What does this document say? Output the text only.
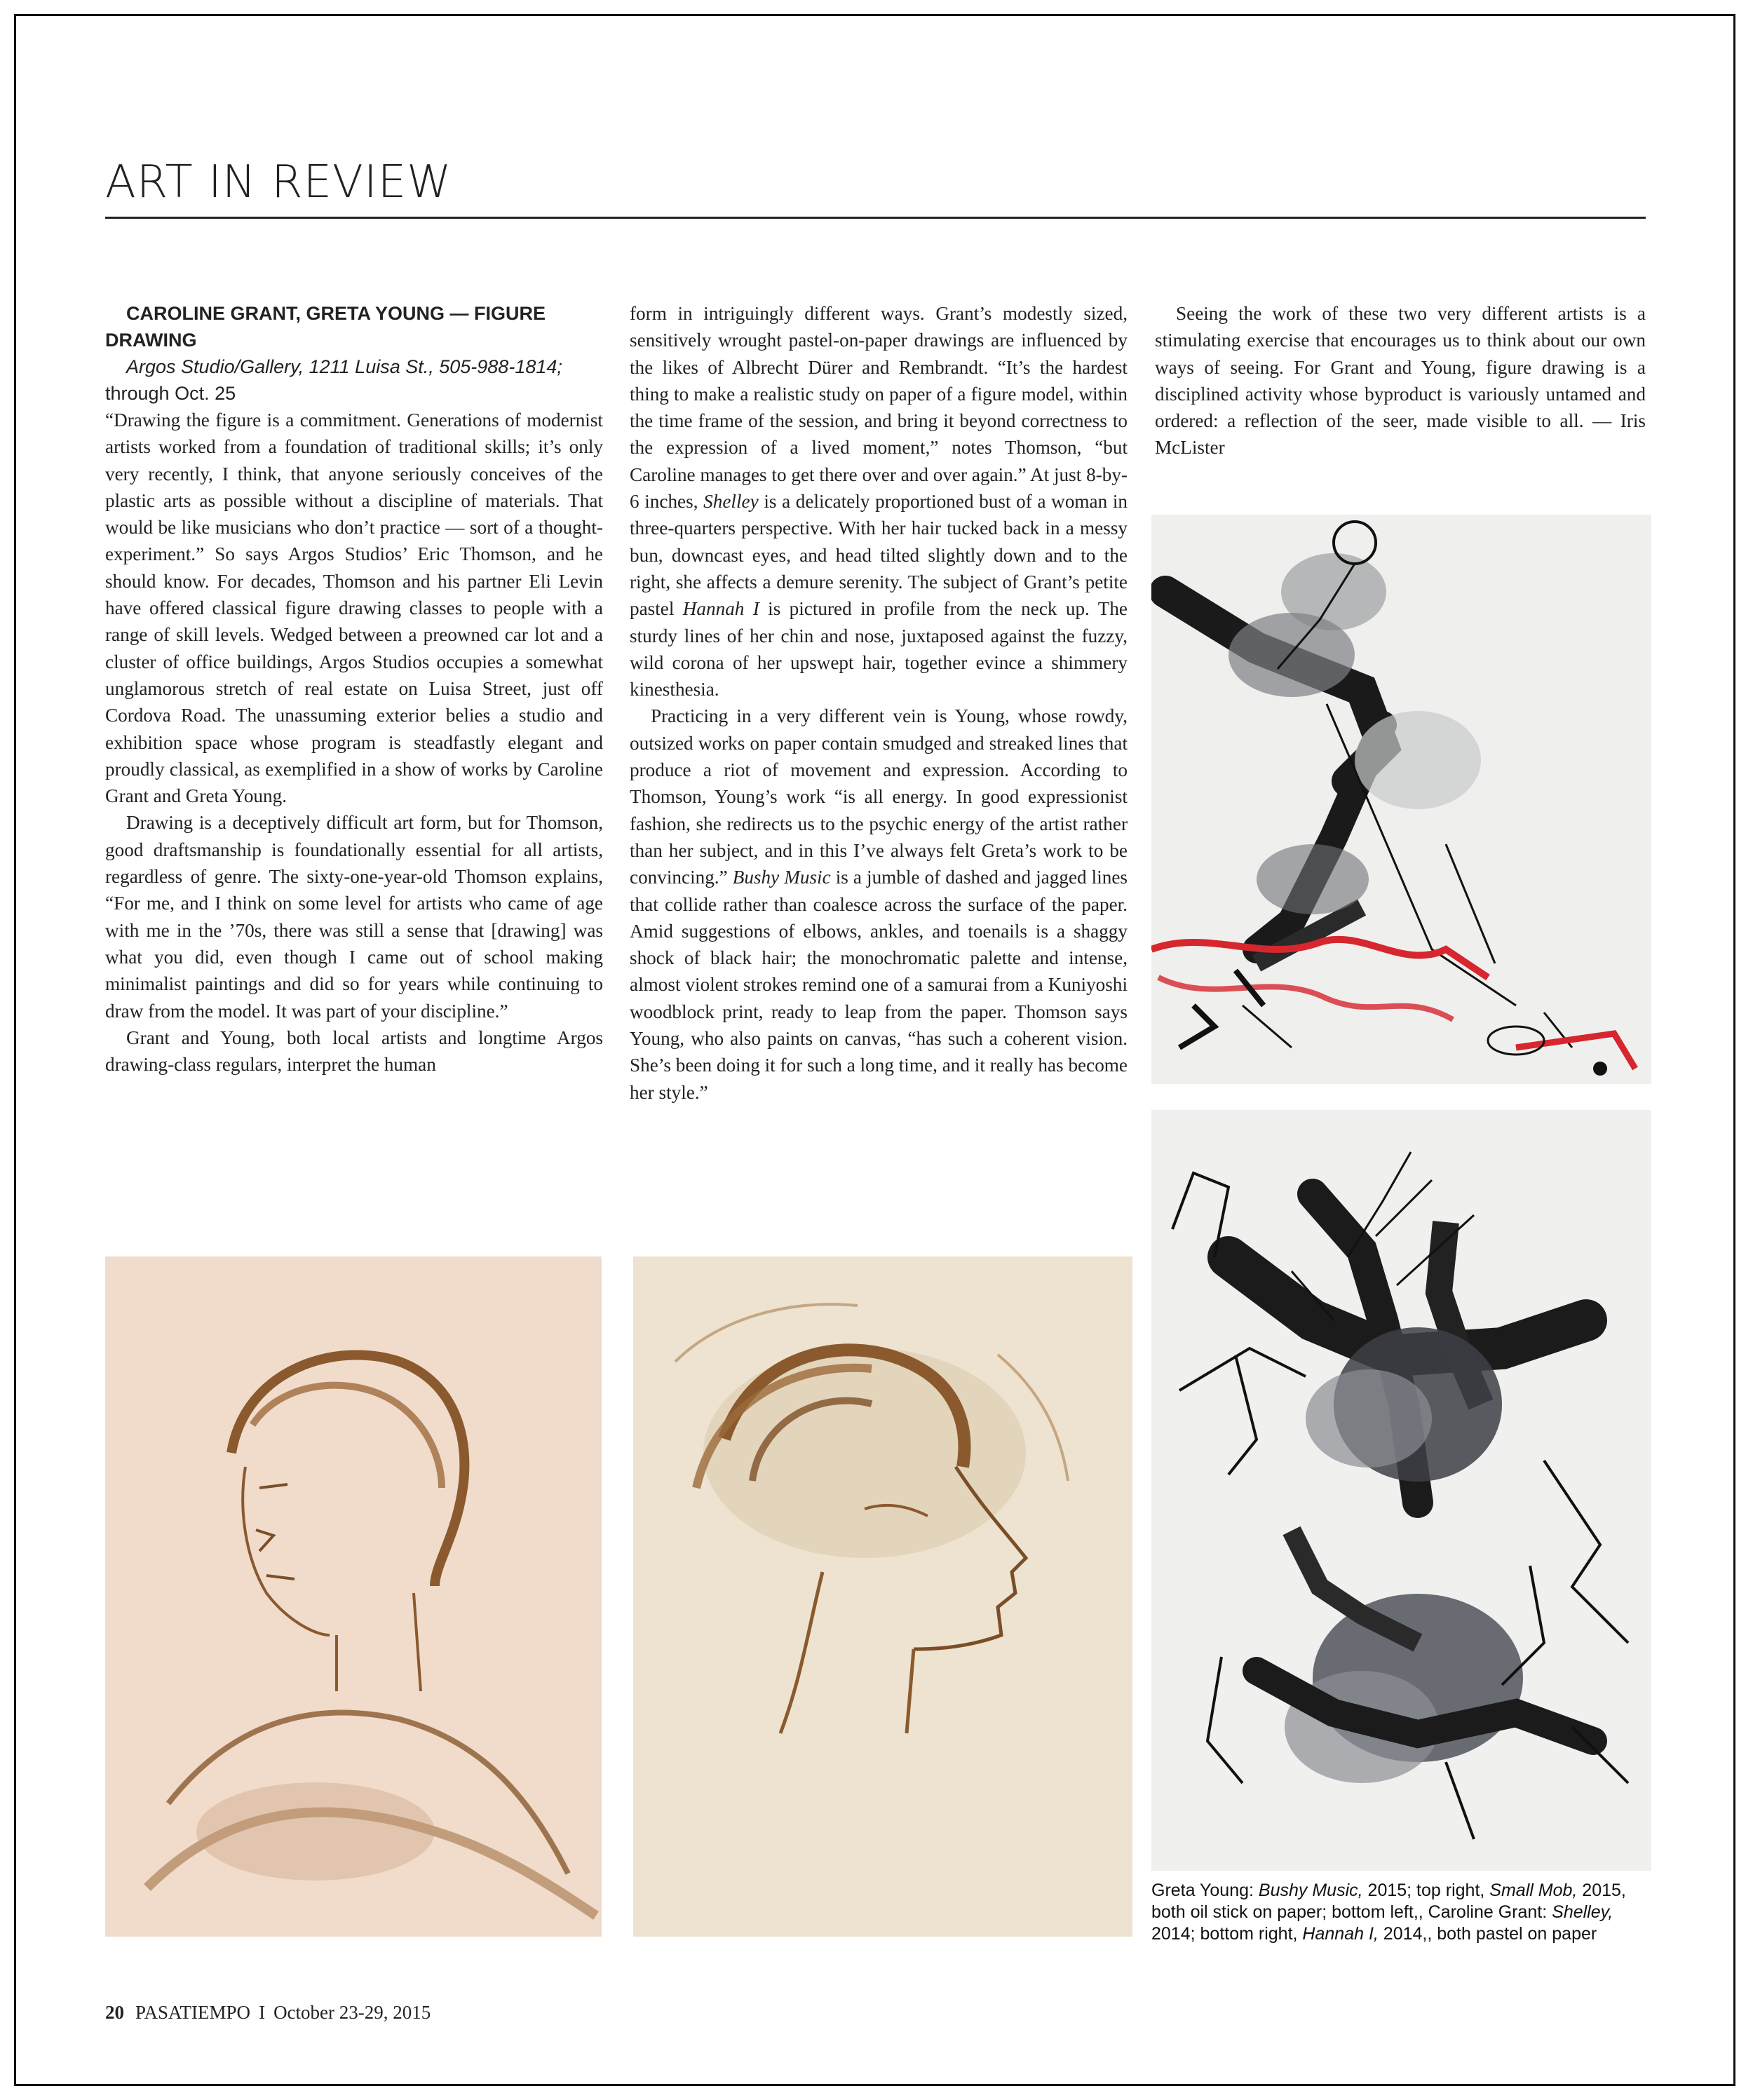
ART IN REVIEW

CAROLINE GRANT, GRETA YOUNG — FIGURE DRAWING

Argos Studio/Gallery, 1211 Luisa St., 505-988-1814; through Oct. 25

“Drawing the figure is a commitment. Generations of modernist artists worked from a foundation of traditional skills; it’s only very recently, I think, that anyone seriously conceives of the plastic arts as possible without a discipline of materials. That would be like musicians who don’t practice — sort of a thought-experiment.” So says Argos Studios’ Eric Thomson, and he should know. For decades, Thomson and his partner Eli Levin have offered classical figure drawing classes to people with a range of skill levels. Wedged between a preowned car lot and a cluster of office buildings, Argos Studios occupies a somewhat unglamorous stretch of real estate on Luisa Street, just off Cordova Road. The unassuming exterior belies a studio and exhibition space whose program is steadfastly elegant and proudly classical, as exemplified in a show of works by Caroline Grant and Greta Young.

Drawing is a deceptively difficult art form, but for Thomson, good draftsmanship is foundationally essential for all artists, regardless of genre. The sixty-one-year-old Thomson explains, “For me, and I think on some level for artists who came of age with me in the ’70s, there was still a sense that [drawing] was what you did, even though I came out of school making minimalist paintings and did so for years while continuing to draw from the model. It was part of your discipline.”

Grant and Young, both local artists and longtime Argos drawing-class regulars, interpret the human

form in intriguingly different ways. Grant’s modestly sized, sensitively wrought pastel-on-paper drawings are influenced by the likes of Albrecht Dürer and Rembrandt. “It’s the hardest thing to make a realistic study on paper of a figure model, within the time frame of the session, and bring it beyond correctness to the expression of a lived moment,” notes Thomson, “but Caroline manages to get there over and over again.” At just 8-by-6 inches, Shelley is a delicately proportioned bust of a woman in three-quarters perspective. With her hair tucked back in a messy bun, downcast eyes, and head tilted slightly down and to the right, she affects a demure serenity. The subject of Grant’s petite pastel Hannah I is pictured in profile from the neck up. The sturdy lines of her chin and nose, juxtaposed against the fuzzy, wild corona of her upswept hair, together evince a shimmery kinesthesia.

Practicing in a very different vein is Young, whose rowdy, outsized works on paper contain smudged and streaked lines that produce a riot of movement and expression. According to Thomson, Young’s work “is all energy. In good expressionist fashion, she redirects us to the psychic energy of the artist rather than her subject, and in this I’ve always felt Greta’s work to be convincing.” Bushy Music is a jumble of dashed and jagged lines that collide rather than coalesce across the surface of the paper. Amid suggestions of elbows, ankles, and toenails is a shaggy shock of black hair; the monochromatic palette and intense, almost violent strokes remind one of a samurai from a Kuniyoshi woodblock print, ready to leap from the paper. Thomson says Young, who also paints on canvas, “has such a coherent vision. She’s been doing it for such a long time, and it really has become her style.”

Seeing the work of these two very different artists is a stimulating exercise that encourages us to think about our own ways of seeing. For Grant and Young, figure drawing is a disciplined activity whose byproduct is variously untamed and ordered: a reflection of the seer, made visible to all. — Iris McLister

Greta Young: Bushy Music, 2015; top right, Small Mob, 2015, both oil stick on paper; bottom left,, Caroline Grant: Shelley, 2014; bottom right, Hannah I, 2014,, both pastel on paper

20 PASATIEMPO I October 23-29, 2015
